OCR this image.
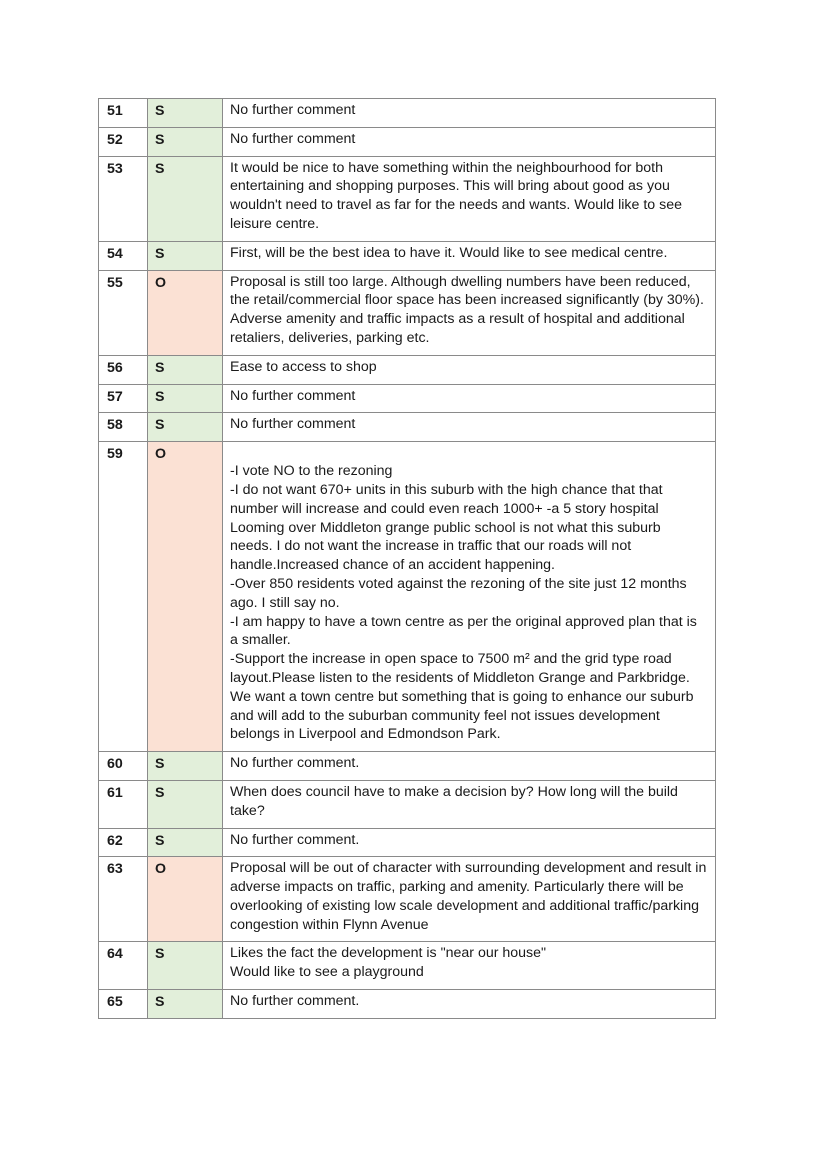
51	S	No further comment

52	S	No further comment

53	S	It would be nice to have something within the neighbourhood for both entertaining and shopping purposes. This will bring about good as you wouldn't need to travel as far for the needs and wants. Would like to see leisure centre.

54	S	First, will be the best idea to have it. Would like to see medical centre.

55	O	Proposal is still too large. Although dwelling numbers have been reduced, the retail/commercial floor space has been increased significantly (by 30%). Adverse amenity and traffic impacts as a result of hospital and additional retaliers, deliveries, parking etc.

56	S	Ease to access to shop

57	S	No further comment

58	S	No further comment

59	O	-I vote NO to the rezoning
-I do not want 670+ units in this suburb with the high chance that that number will increase and could even reach 1000+ -a 5 story hospital Looming over Middleton grange public school is not what this suburb needs. I do not want the increase in traffic that our roads will not handle.Increased chance of an accident happening.
-Over 850 residents voted against the rezoning of the site just 12 months ago. I still say no.
-I am happy to have a town centre as per the original approved plan that is a smaller.
-Support the increase in open space to 7500 m² and the grid type road layout.Please listen to the residents of Middleton Grange and Parkbridge. We want a town centre but something that is going to enhance our suburb and will add to the suburban community feel not issues development belongs in Liverpool and Edmondson Park.

60	S	No further comment.

61	S	When does council have to make a decision by? How long will the build take?

62	S	No further comment.

63	O	Proposal will be out of character with surrounding development and result in adverse impacts on traffic, parking and amenity. Particularly there will be overlooking of existing low scale development and additional traffic/parking congestion within Flynn Avenue

64	S	Likes the fact the development is "near our house"
Would like to see a playground

65	S	No further comment.
